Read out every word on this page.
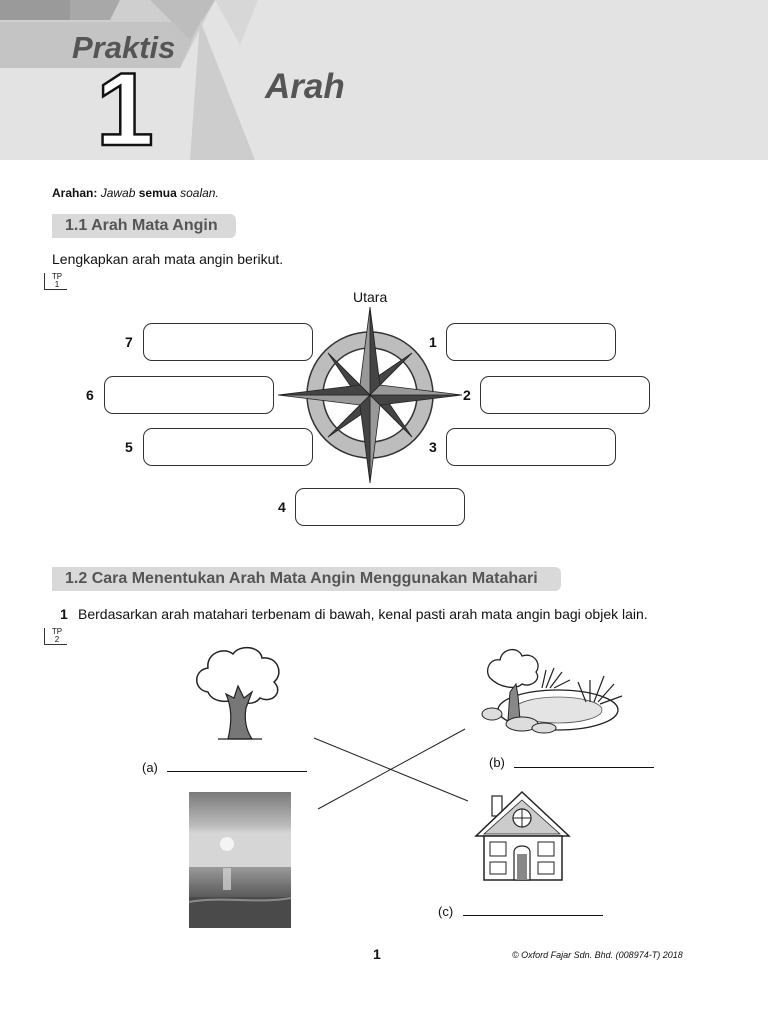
Praktis
1	Arah
Arahan: Jawab semua soalan.
1.1 Arah Mata Angin
Lengkapkan arah mata angin berikut.
TP
1
Utara
1
2
3
4
5
6
7
1.2 Cara Menentukan Arah Mata Angin Menggunakan Matahari
1 Berdasarkan arah matahari terbenam di bawah, kenal pasti arah mata angin bagi objek lain.
TP
2
(a)	(b)
(c)
1	© Oxford Fajar Sdn. Bhd. (008974-T) 2018
